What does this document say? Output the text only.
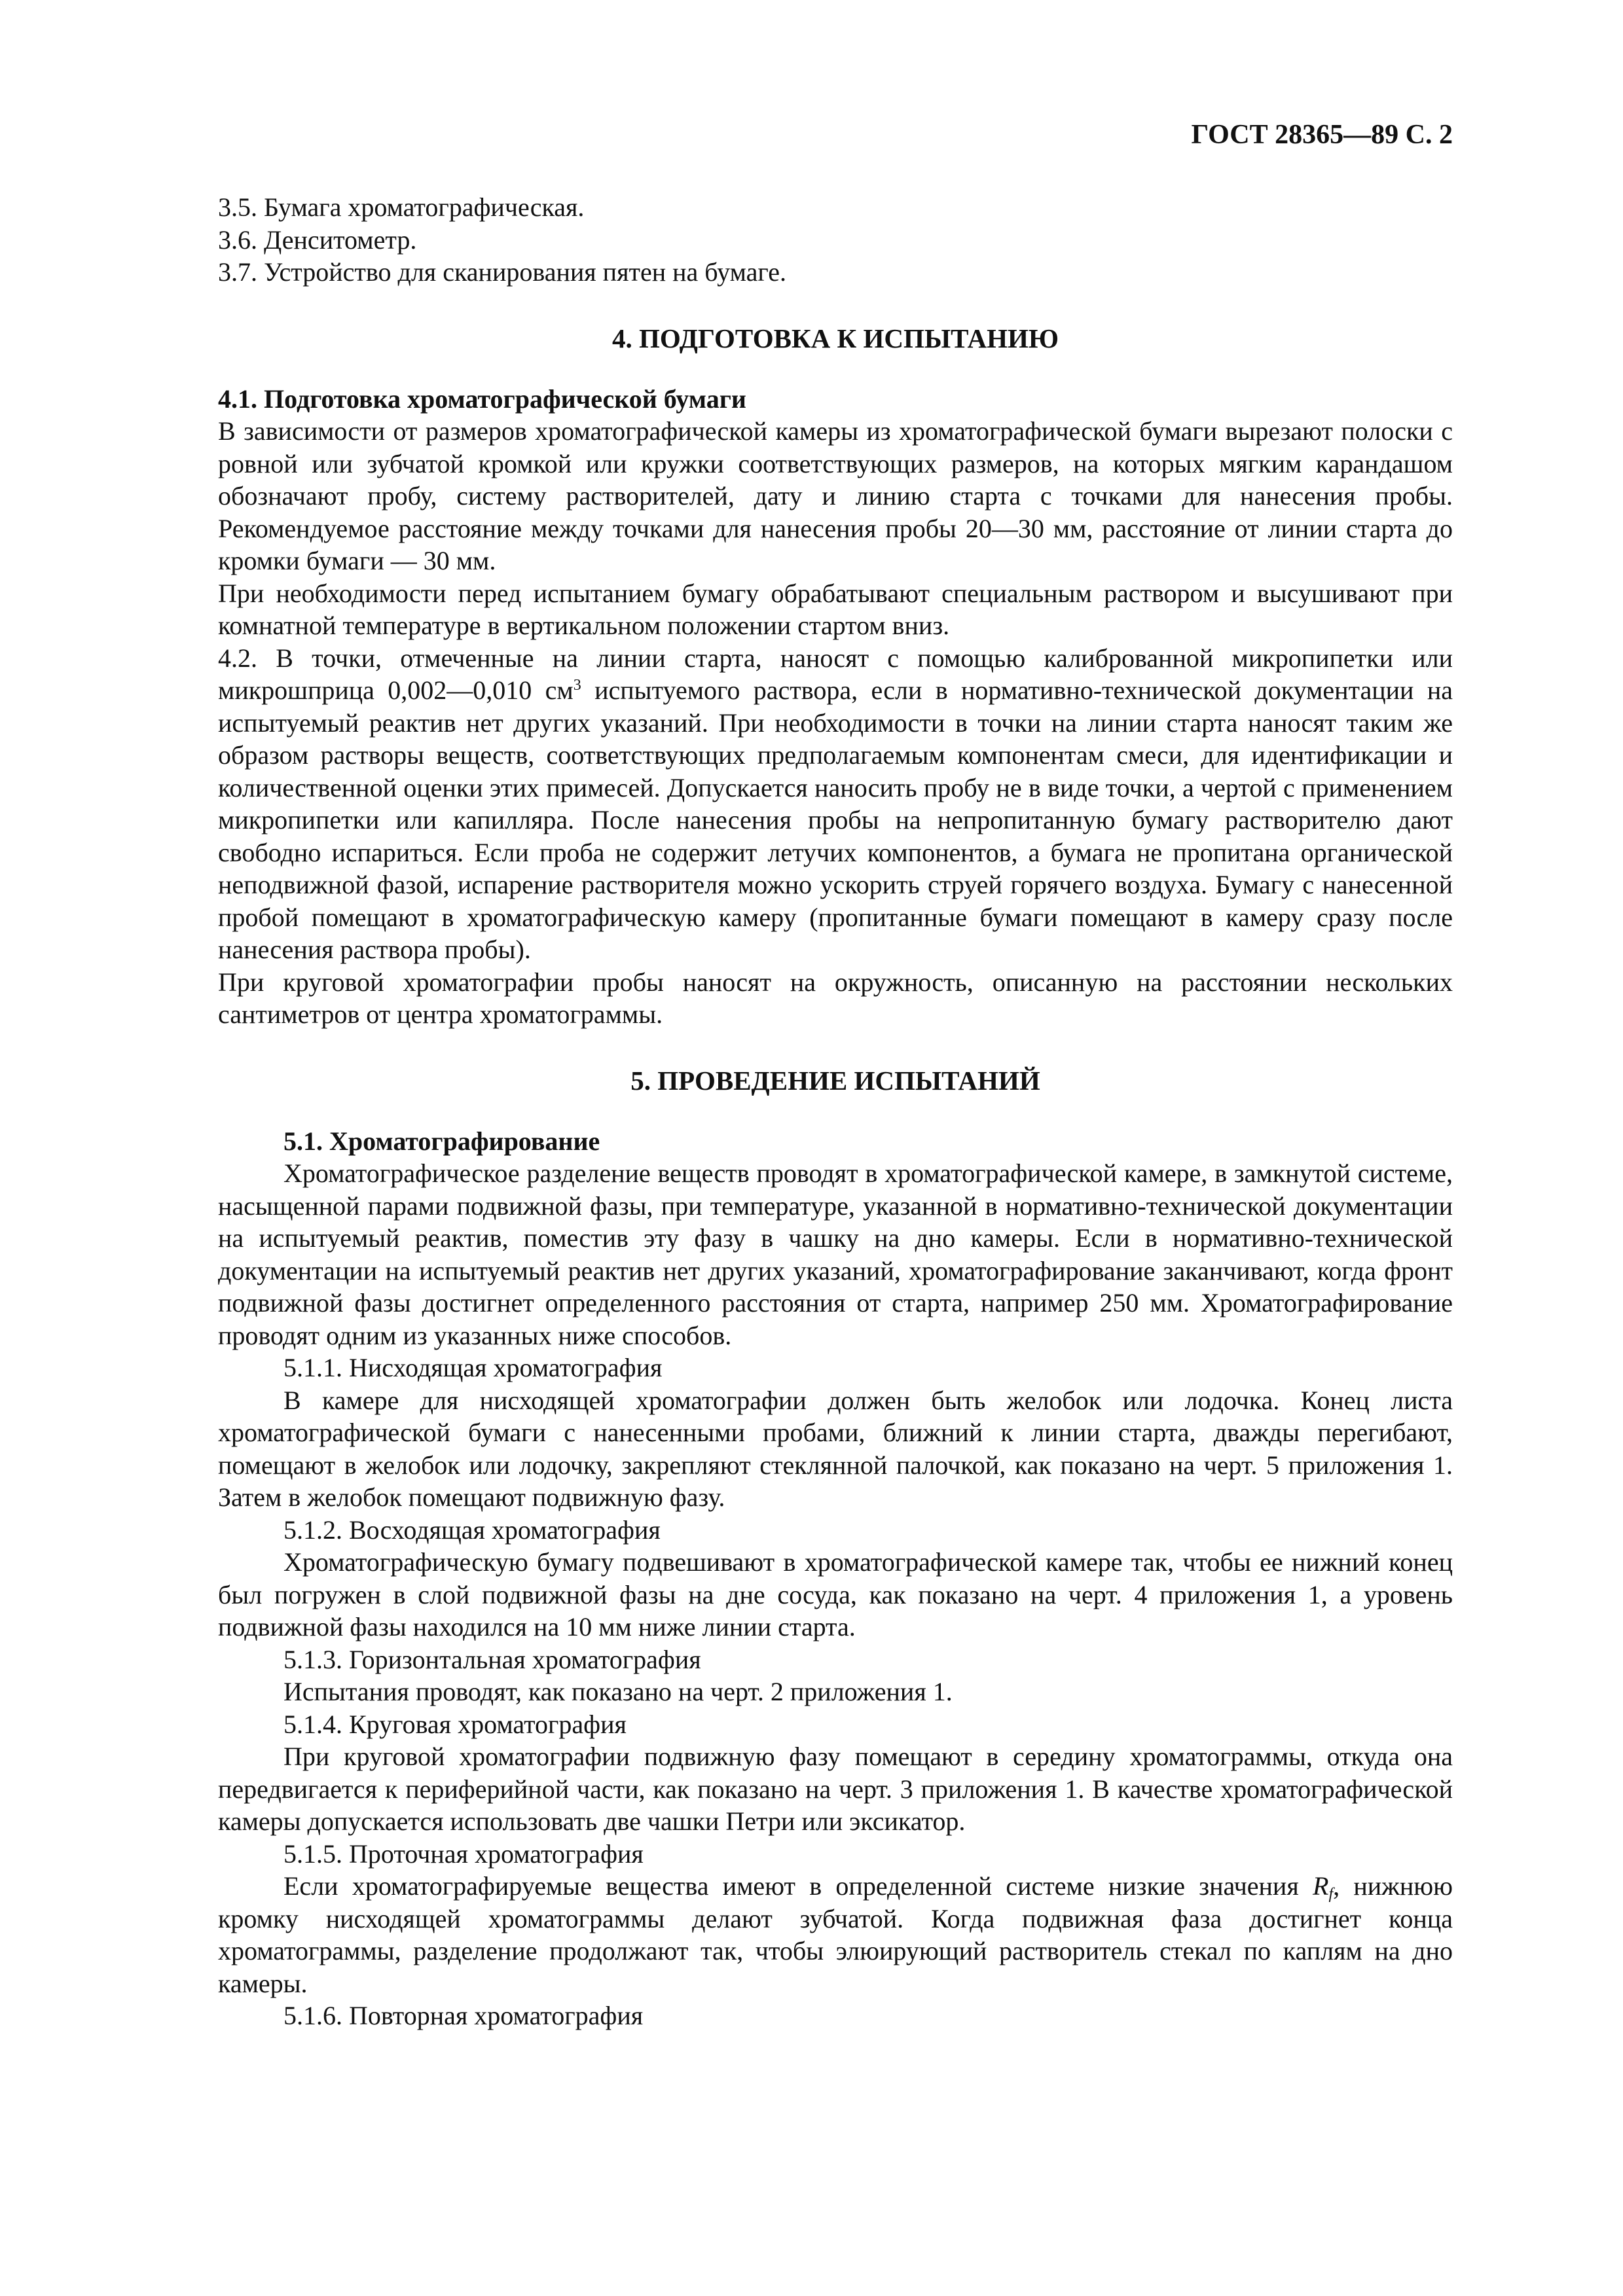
ГОСТ 28365—89 С. 2
3.5. Бумага хроматографическая.
3.6. Денситометр.
3.7. Устройство для сканирования пятен на бумаге.
4. ПОДГОТОВКА К ИСПЫТАНИЮ
4.1. Подготовка хроматографической бумаги

В зависимости от размеров хроматографической камеры из хроматографической бумаги вырезают полоски с ровной или зубчатой кромкой или кружки соответствующих размеров, на которых мягким карандашом обозначают пробу, систему растворителей, дату и линию старта с точками для нанесения пробы. Рекомендуемое расстояние между точками для нанесения пробы 20—30 мм, расстояние от линии старта до кромки бумаги — 30 мм.

При необходимости перед испытанием бумагу обрабатывают специальным раствором и высушивают при комнатной температуре в вертикальном положении стартом вниз.

4.2. В точки, отмеченные на линии старта, наносят с помощью калиброванной микропипетки или микрошприца 0,002—0,010 $см^3$ испытуемого раствора, если в нормативно-технической документации на испытуемый реактив нет других указаний. При необходимости в точки на линии старта наносят таким же образом растворы веществ, соответствующих предполагаемым компонентам смеси, для идентификации и количественной оценки этих примесей. Допускается наносить пробу не в виде точки, а чертой с применением микропипетки или капилляра. После нанесения пробы на непропитанную бумагу растворителю дают свободно испариться. Если проба не содержит летучих компонентов, а бумага не пропитана органической неподвижной фазой, испарение растворителя можно ускорить струей горячего воздуха. Бумагу с нанесенной пробой помещают в хроматографическую камеру (пропитанные бумаги помещают в камеру сразу после нанесения раствора пробы).

При круговой хроматографии пробы наносят на окружность, описанную на расстоянии нескольких сантиметров от центра хроматограммы.

5. ПРОВЕДЕНИЕ ИСПЫТАНИЙ
5.1. Хроматографирование

Хроматографическое разделение веществ проводят в хроматографической камере, в замкнутой системе, насыщенной парами подвижной фазы, при температуре, указанной в нормативно-технической документации на испытуемый реактив, поместив эту фазу в чашку на дно камеры. Если в нормативно-технической документации на испытуемый реактив нет других указаний, хроматографирование заканчивают, когда фронт подвижной фазы достигнет определенного расстояния от старта, например 250 мм. Хроматографирование проводят одним из указанных ниже способов.

5.1.1. Нисходящая хроматография

В камере для нисходящей хроматографии должен быть желобок или лодочка. Конец листа хроматографической бумаги с нанесенными пробами, ближний к линии старта, дважды перегибают, помещают в желобок или лодочку, закрепляют стеклянной палочкой, как показано на черт. 5 приложения 1. Затем в желобок помещают подвижную фазу.

5.1.2. Восходящая хроматография

Хроматографическую бумагу подвешивают в хроматографической камере так, чтобы ее нижний конец был погружен в слой подвижной фазы на дне сосуда, как показано на черт. 4 приложения 1, а уровень подвижной фазы находился на 10 мм ниже линии старта.

5.1.3. Горизонтальная хроматография

Испытания проводят, как показано на черт. 2 приложения 1.

5.1.4. Круговая хроматография

При круговой хроматографии подвижную фазу помещают в середину хроматограммы, откуда она передвигается к периферийной части, как показано на черт. 3 приложения 1. В качестве хроматографической камеры допускается использовать две чашки Петри или эксикатор.

5.1.5. Проточная хроматография

Если хроматографируемые вещества имеют в определенной системе низкие значения $R_f$, нижнюю кромку нисходящей хроматограммы делают зубчатой. Когда подвижная фаза достигнет конца хроматограммы, разделение продолжают так, чтобы элюирующий растворитель стекал по каплям на дно камеры.

5.1.6. Повторная хроматография
